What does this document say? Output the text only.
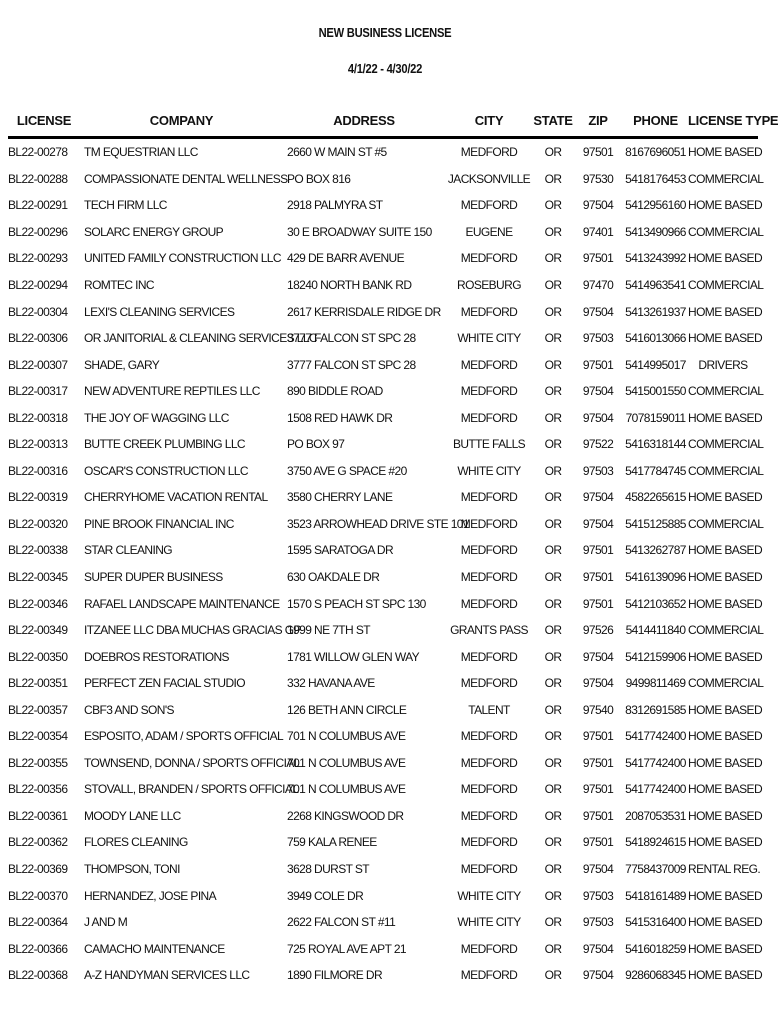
NEW BUSINESS LICENSE
4/1/22 - 4/30/22
LICENSE	COMPANY	ADDRESS	CITY	STATE	ZIP	PHONE	LICENSE TYPE
BL22-00278	TM EQUESTRIAN LLC	2660 W MAIN ST #5	MEDFORD	OR	97501	8167696051	HOME BASED
BL22-00288	COMPASSIONATE DENTAL WELLNESS	PO BOX 816	JACKSONVILLE	OR	97530	5418176453	COMMERCIAL
BL22-00291	TECH FIRM LLC	2918 PALMYRA ST	MEDFORD	OR	97504	5412956160	HOME BASED
BL22-00296	SOLARC ENERGY GROUP	30 E BROADWAY SUITE 150	EUGENE	OR	97401	5413490966	COMMERCIAL
BL22-00293	UNITED FAMILY CONSTRUCTION LLC	429 DE BARR AVENUE	MEDFORD	OR	97501	5413243992	HOME BASED
BL22-00294	ROMTEC INC	18240 NORTH BANK RD	ROSEBURG	OR	97470	5414963541	COMMERCIAL
BL22-00304	LEXI'S CLEANING SERVICES	2617 KERRISDALE RIDGE DR	MEDFORD	OR	97504	5413261937	HOME BASED
BL22-00306	OR JANITORIAL & CLEANING SERVICES LLC	3777 FALCON ST SPC 28	WHITE CITY	OR	97503	5416013066	HOME BASED
BL22-00307	SHADE, GARY	3777 FALCON ST SPC 28	MEDFORD	OR	97501	5414995017	DRIVERS
BL22-00317	NEW ADVENTURE REPTILES LLC	890 BIDDLE ROAD	MEDFORD	OR	97504	5415001550	COMMERCIAL
BL22-00318	THE JOY OF WAGGING LLC	1508 RED HAWK DR	MEDFORD	OR	97504	7078159011	HOME BASED
BL22-00313	BUTTE CREEK PLUMBING LLC	PO BOX 97	BUTTE FALLS	OR	97522	5416318144	COMMERCIAL
BL22-00316	OSCAR'S CONSTRUCTION LLC	3750 AVE G SPACE #20	WHITE CITY	OR	97503	5417784745	COMMERCIAL
BL22-00319	CHERRYHOME VACATION RENTAL	3580 CHERRY LANE	MEDFORD	OR	97504	4582265615	HOME BASED
BL22-00320	PINE BROOK FINANCIAL INC	3523 ARROWHEAD DRIVE STE 101	MEDFORD	OR	97504	5415125885	COMMERCIAL
BL22-00338	STAR CLEANING	1595 SARATOGA DR	MEDFORD	OR	97501	5413262787	HOME BASED
BL22-00345	SUPER DUPER BUSINESS	630 OAKDALE DR	MEDFORD	OR	97501	5416139096	HOME BASED
BL22-00346	RAFAEL LANDSCAPE MAINTENANCE	1570 S PEACH ST SPC 130	MEDFORD	OR	97501	5412103652	HOME BASED
BL22-00349	ITZANEE LLC DBA MUCHAS GRACIAS GP	1999 NE 7TH ST	GRANTS PASS	OR	97526	5414411840	COMMERCIAL
BL22-00350	DOEBROS RESTORATIONS	1781 WILLOW GLEN WAY	MEDFORD	OR	97504	5412159906	HOME BASED
BL22-00351	PERFECT ZEN FACIAL STUDIO	332 HAVANA AVE	MEDFORD	OR	97504	9499811469	COMMERCIAL
BL22-00357	CBF3 AND SON'S	126 BETH ANN CIRCLE	TALENT	OR	97540	8312691585	HOME BASED
BL22-00354	ESPOSITO, ADAM / SPORTS OFFICIAL	701 N COLUMBUS AVE	MEDFORD	OR	97501	5417742400	HOME BASED
BL22-00355	TOWNSEND, DONNA / SPORTS OFFICIAL	701 N COLUMBUS AVE	MEDFORD	OR	97501	5417742400	HOME BASED
BL22-00356	STOVALL, BRANDEN / SPORTS OFFICIAL	701 N COLUMBUS AVE	MEDFORD	OR	97501	5417742400	HOME BASED
BL22-00361	MOODY LANE LLC	2268 KINGSWOOD DR	MEDFORD	OR	97501	2087053531	HOME BASED
BL22-00362	FLORES CLEANING	759 KALA RENEE	MEDFORD	OR	97501	5418924615	HOME BASED
BL22-00369	THOMPSON, TONI	3628 DURST ST	MEDFORD	OR	97504	7758437009	RENTAL REG.
BL22-00370	HERNANDEZ, JOSE PINA	3949 COLE DR	WHITE CITY	OR	97503	5418161489	HOME BASED
BL22-00364	J AND M	2622 FALCON ST #11	WHITE CITY	OR	97503	5415316400	HOME BASED
BL22-00366	CAMACHO MAINTENANCE	725 ROYAL AVE APT 21	MEDFORD	OR	97504	5416018259	HOME BASED
BL22-00368	A-Z HANDYMAN SERVICES LLC	1890 FILMORE DR	MEDFORD	OR	97504	9286068345	HOME BASED
